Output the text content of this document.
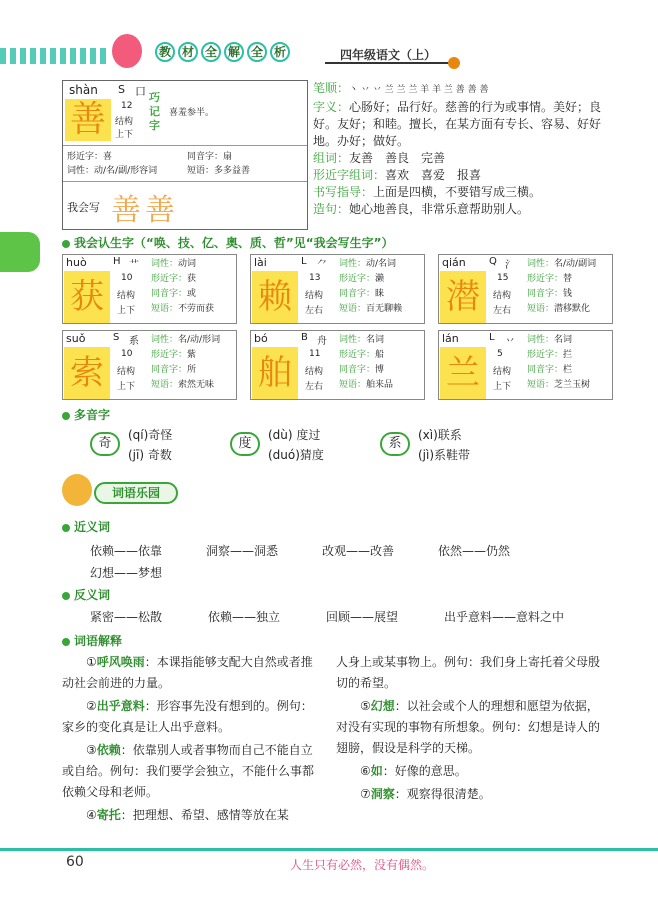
教 材 全 解 全 析	四年级语文（上）
shàn S 口
善	12
结构
上下
巧记字
喜羞参半。
形近字：喜	同音字：扇
词性：动/名/副/形容词	短语：多多益善
我会写 善善
笔顺：丶 丷 丷 兰 兰 兰 羊 羊 兰 善 善 善
字义：心肠好；品行好。慈善的行为或事情。美好；良好。友好；和睦。擅长，在某方面有专长、容易、好好地。办好；做好。
组词：友善　善良　完善
形近字组词：喜欢　喜爱　报喜
书写指导：上面是四横，不要错写成三横。
造句：她心地善良，非常乐意帮助别人。
我会认生字（“唤、技、亿、奥、质、哲”见“我会写生字”）
huò	H 艹
获	10
结构
上下
词性：动词
形近字：获
同音字：或
短语：不劳而获
lài	L ⺈
赖	13
结构
左右
词性：动/名词
形近字：濑
同音字：睐
短语：百无聊赖
qián Q 氵
潜	15
结构
左右
词性：名/动/副词
形近字：替
同音字：钱
短语：潜移默化
suǒ	S 系
索	10
结构
上下
词性：名/动/形词
形近字：紫
同音字：所
短语：索然无味
bó	B 舟
舶	11
结构
左右
词性：名词
形近字：船
同音字：博
短语：舶来品
lán	L 丷
兰	5
结构
上下
词性：名词
形近字：拦
同音字：栏
短语：芝兰玉树
多音字
奇
(qí)奇怪
(jī) 奇数
度
(dù) 度过
(duó)猜度
系
(xì)联系
(jì)系鞋带
词语乐园
近义词
依赖——依靠	洞察——洞悉	改观——改善	依然——仍然
幻想——梦想
反义词
紧密——松散	依赖——独立	回顾——展望	出乎意料——意料之中
词语解释

①呼风唤雨：本课指能够支配大自然或者推动社会前进的力量。

②出乎意料：形容事先没有想到的。例句：家乡的变化真是让人出乎意料。

③依赖：依靠别人或者事物而自己不能自立或自给。例句：我们要学会独立，不能什么事都依赖父母和老师。

④寄托：把理想、希望、感情等放在某

人身上或某事物上。例句：我们身上寄托着父母殷切的希望。

⑤幻想：以社会或个人的理想和愿望为依据，对没有实现的事物有所想象。例句：幻想是诗人的翅膀，假设是科学的天梯。

⑥如：好像的意思。

⑦洞察：观察得很清楚。

60	人生只有必然，没有偶然。
